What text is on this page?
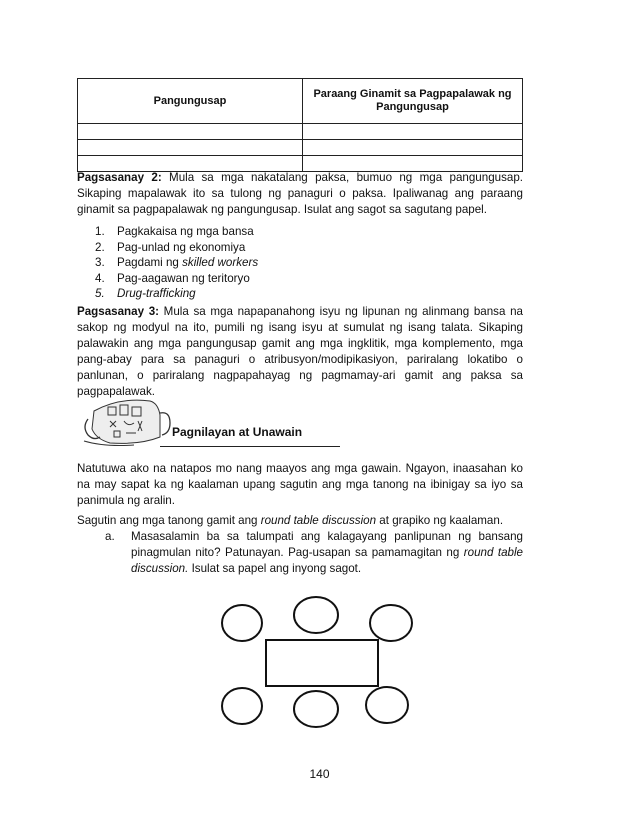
Pangungusap	Paraang Ginamit sa Pagpapalawak ng Pangungusap

Pagsasanay 2: Mula sa mga nakatalang paksa, bumuo ng mga pangungusap. Sikaping mapalawak ito sa tulong ng panaguri o paksa. Ipaliwanag ang paraang ginamit sa pagpapalawak ng pangungusap. Isulat ang sagot sa sagutang papel.

1.	Pagkakaisa ng mga bansa
2.	Pag-unlad ng ekonomiya
3.	Pagdami ng skilled workers
4.	Pag-aagawan ng teritoryo
5.	Drug-trafficking

Pagsasanay 3: Mula sa mga napapanahong isyu ng lipunan ng alinmang bansa na sakop ng modyul na ito, pumili ng isang isyu at sumulat ng isang talata. Sikaping palawakin ang mga pangungusap gamit ang mga ingklitik, mga komplemento, mga pang-abay para sa panaguri o atribusyon/modipikasiyon, pariralang lokatibo o panlunan, o pariralang nagpapahayag ng pagmamay-ari gamit ang paksa sa pagpapalawak.

Pagnilayan at Unawain

Natutuwa ako na natapos mo nang maayos ang mga gawain. Ngayon, inaasahan ko na may sapat ka ng kaalaman upang sagutin ang mga tanong na ibinigay sa iyo sa panimula ng aralin.

Sagutin ang mga tanong gamit ang round table discussion at grapiko ng kaalaman.

a. Masasalamin ba sa talumpati ang kalagayang panlipunan ng bansang pinagmulan nito? Patunayan. Pag-usapan sa pamamagitan ng round table discussion. Isulat sa papel ang inyong sagot.
140
